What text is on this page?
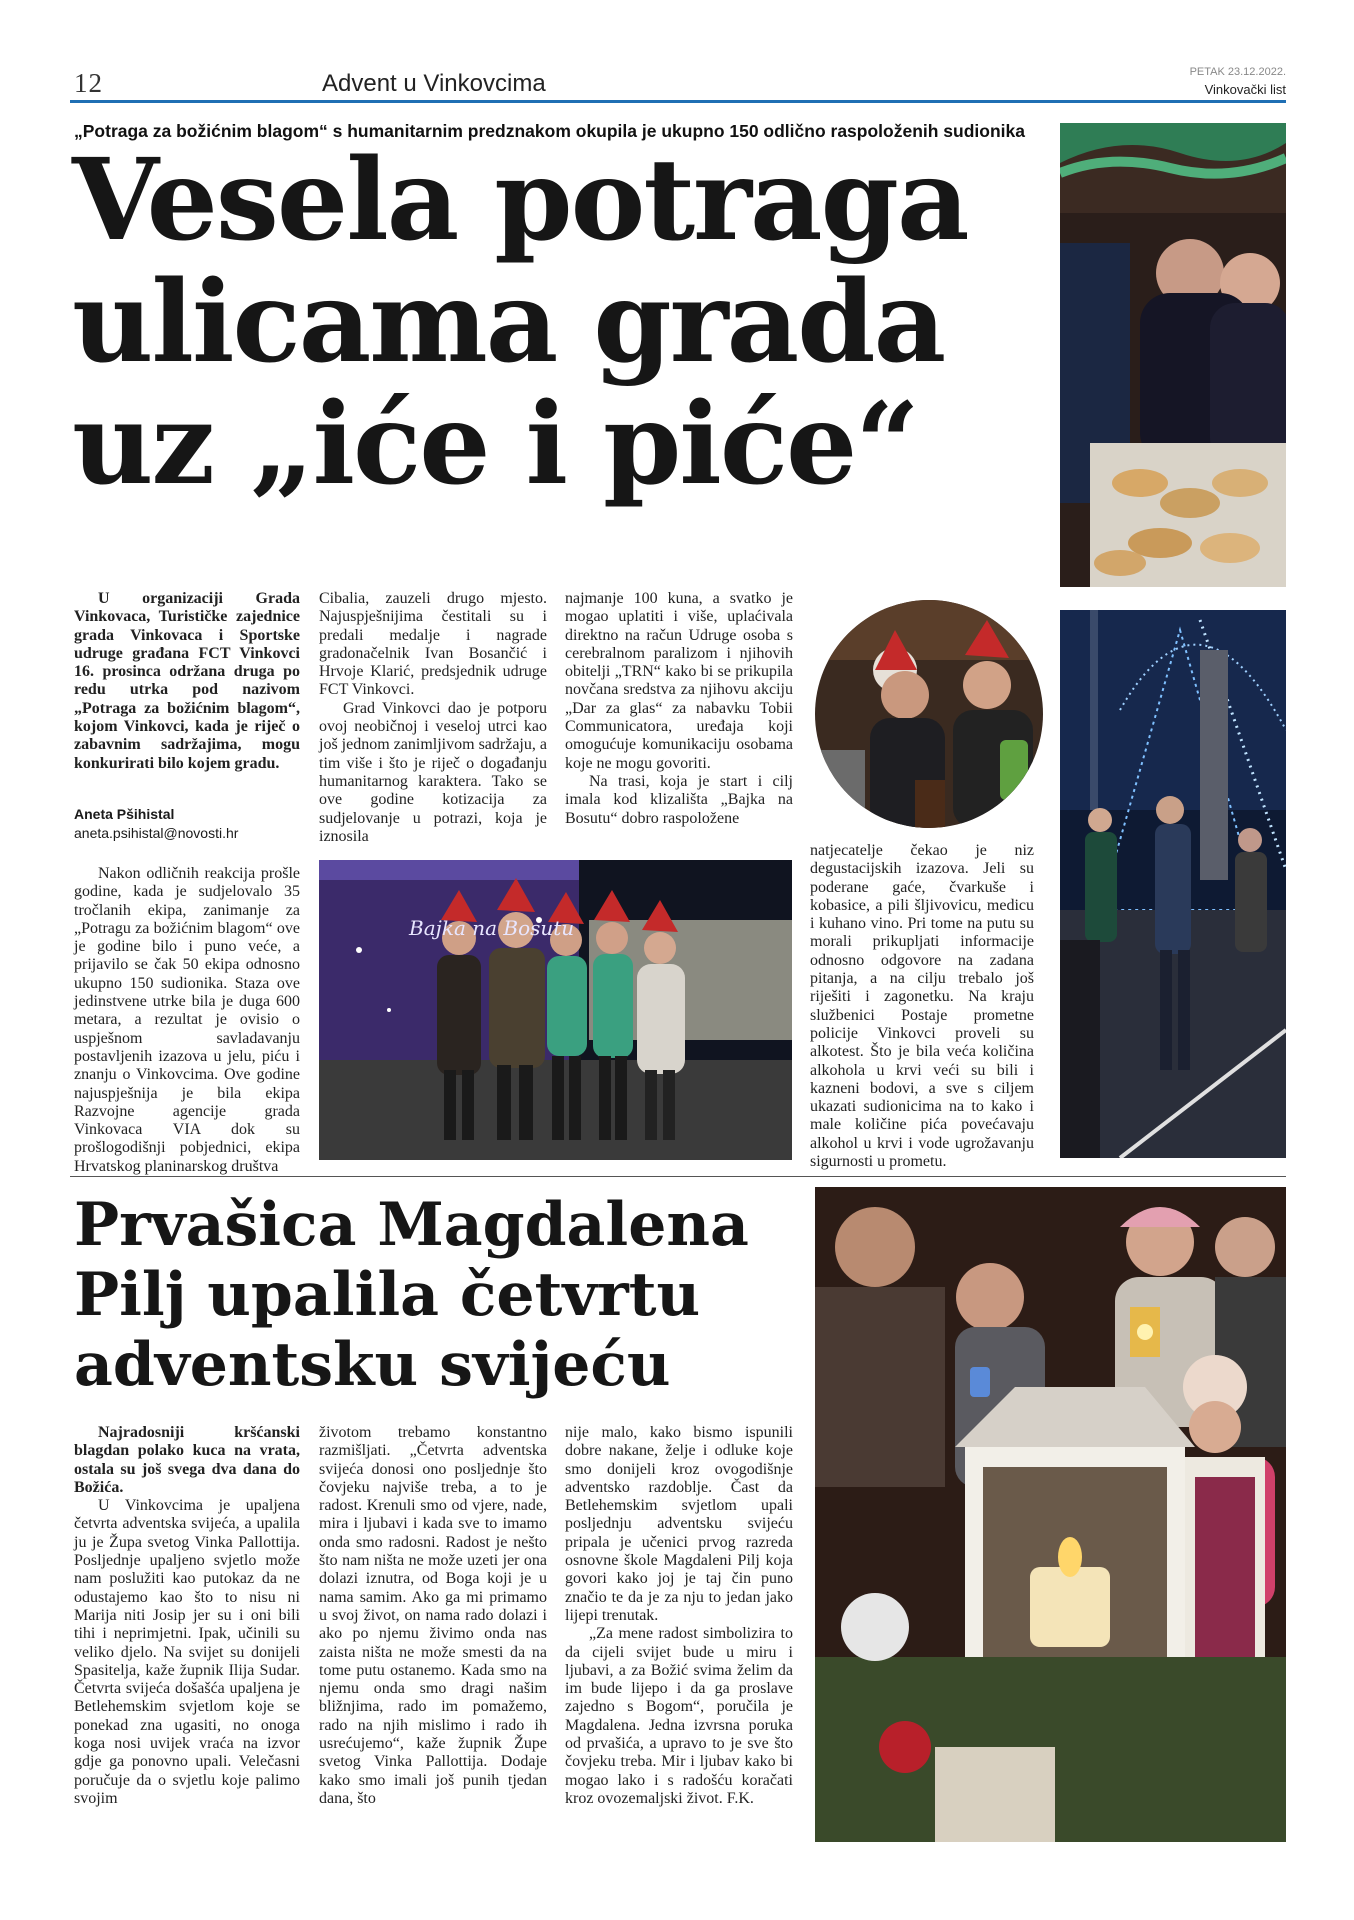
12	Advent u Vinkovcima	PETAK 23.12.2022.
Vinkovački list
„Potraga za božićnim blagom“ s humanitarnim predznakom okupila je ukupno 150 odlično raspoloženih sudionika
Vesela potraga
ulicama grada
uz „iće i piće“

U organizaciji Grada Vinkovaca, Turističke zajednice grada Vinkovaca i Sportske udruge građana FCT Vinkovci 16. prosinca održana druga po redu utrka pod nazivom „Potraga za božićnim blagom“, kojom Vinkovci, kada je riječ o zabavnim sadržajima, mogu konkurirati bilo kojem gradu.

Aneta Pšihistal
aneta.psihistal@novosti.hr

Nakon odličnih reakcija prošle godine, kada je sudjelovalo 35 tročlanih ekipa, zanimanje za „Potragu za božićnim blagom“ ove je godine bilo i puno veće, a prijavilo se čak 50 ekipa odnosno ukupno 150 sudionika. Staza ove jedinstvene utrke bila je duga 600 metara, a rezultat je ovisio o uspješnom savladavanju postavljenih izazova u jelu, piću i znanju o Vinkovcima. Ove godine najuspješnija je bila ekipa Razvojne agencije grada Vinkovaca VIA dok su prošlogodišnji pobjednici, ekipa Hrvatskog planinarskog društva

Cibalia, zauzeli drugo mjesto. Najuspješnijima čestitali su i predali medalje i nagrade gradonačelnik Ivan Bosančić i Hrvoje Klarić, predsjednik udruge FCT Vinkovci.

Grad Vinkovci dao je potporu ovoj neobičnoj i veseloj utrci kao još jednom zanimljivom sadržaju, a tim više i što je riječ o događanju humanitarnog karaktera. Tako se ove godine kotizacija za sudjelovanje u potrazi, koja je iznosila

najmanje 100 kuna, a svatko je mogao uplatiti i više, uplaćivala direktno na račun Udruge osoba s cerebralnom paralizom i njihovih obitelji „TRN“ kako bi se prikupila novčana sredstva za njihovu akciju „Dar za glas“ za nabavku Tobii Communicatora, uređaja koji omogućuje komunikaciju osobama koje ne mogu govoriti.

Na trasi, koja je start i cilj imala kod klizališta „Bajka na Bosutu“ dobro raspoložene

natjecatelje čekao je niz degustacijskih izazova. Jeli su poderane gaće, čvarkuše i kobasice, a pili šljivovicu, medicu i kuhano vino. Pri tome na putu su morali prikupljati informacije odnosno odgovore na zadana pitanja, a na cilju trebalo još riješiti i zagonetku. Na kraju službenici Postaje prometne policije Vinkovci proveli su alkotest. Što je bila veća količina alkohola u krvi veći su bili i kazneni bodovi, a sve s ciljem ukazati sudionicima na to kako i male količine pića povećavaju alkohol u krvi i vode ugrožavanju sigurnosti u prometu.

Bajka na Bosutu
Prvašica Magdalena
Pilj upalila četvrtu
adventsku svijeću

Najradosniji kršćanski blagdan polako kuca na vrata, ostala su još svega dva dana do Božića.

U Vinkovcima je upaljena četvrta adventska svijeća, a upalila ju je Župa svetog Vinka Pallottija. Posljednje upaljeno svjetlo može nam poslužiti kao putokaz da ne odustajemo kao što to nisu ni Marija niti Josip jer su i oni bili tihi i neprimjetni. Ipak, učinili su veliko djelo. Na svijet su donijeli Spasitelja, kaže župnik Ilija Sudar. Četvrta svijeća došašća upaljena je Betlehemskim svjetlom koje se ponekad zna ugasiti, no onoga koga nosi uvijek vraća na izvor gdje ga ponovno upali. Velečasni poručuje da o svjetlu koje palimo svojim

životom trebamo konstantno razmišljati. „Četvrta adventska svijeća donosi ono posljednje što čovjeku najviše treba, a to je radost. Krenuli smo od vjere, nade, mira i ljubavi i kada sve to imamo onda smo radosni. Radost je nešto što nam ništa ne može uzeti jer ona dolazi iznutra, od Boga koji je u nama samim. Ako ga mi primamo u svoj život, on nama rado dolazi i ako po njemu živimo onda nas zaista ništa ne može smesti da na tome putu ostanemo. Kada smo na njemu onda smo dragi našim bližnjima, rado im pomažemo, rado na njih mislimo i rado ih usrećujemo“, kaže župnik Župe svetog Vinka Pallottija. Dodaje kako smo imali još punih tjedan dana, što

nije malo, kako bismo ispunili dobre nakane, želje i odluke koje smo donijeli kroz ovogodišnje adventsko razdoblje. Čast da Betlehemskim svjetlom upali posljednju adventsku svijeću pripala je učenici prvog razreda osnovne škole Magdaleni Pilj koja govori kako joj je taj čin puno značio te da je za nju to jedan jako lijepi trenutak.

„Za mene radost simbolizira to da cijeli svijet bude u miru i ljubavi, a za Božić svima želim da im bude lijepo i da ga proslave zajedno s Bogom“, poručila je Magdalena. Jedna izvrsna poruka od prvašića, a upravo to je sve što čovjeku treba. Mir i ljubav kako bi mogao lako i s radošću koračati kroz ovozemaljski život. F.K.
